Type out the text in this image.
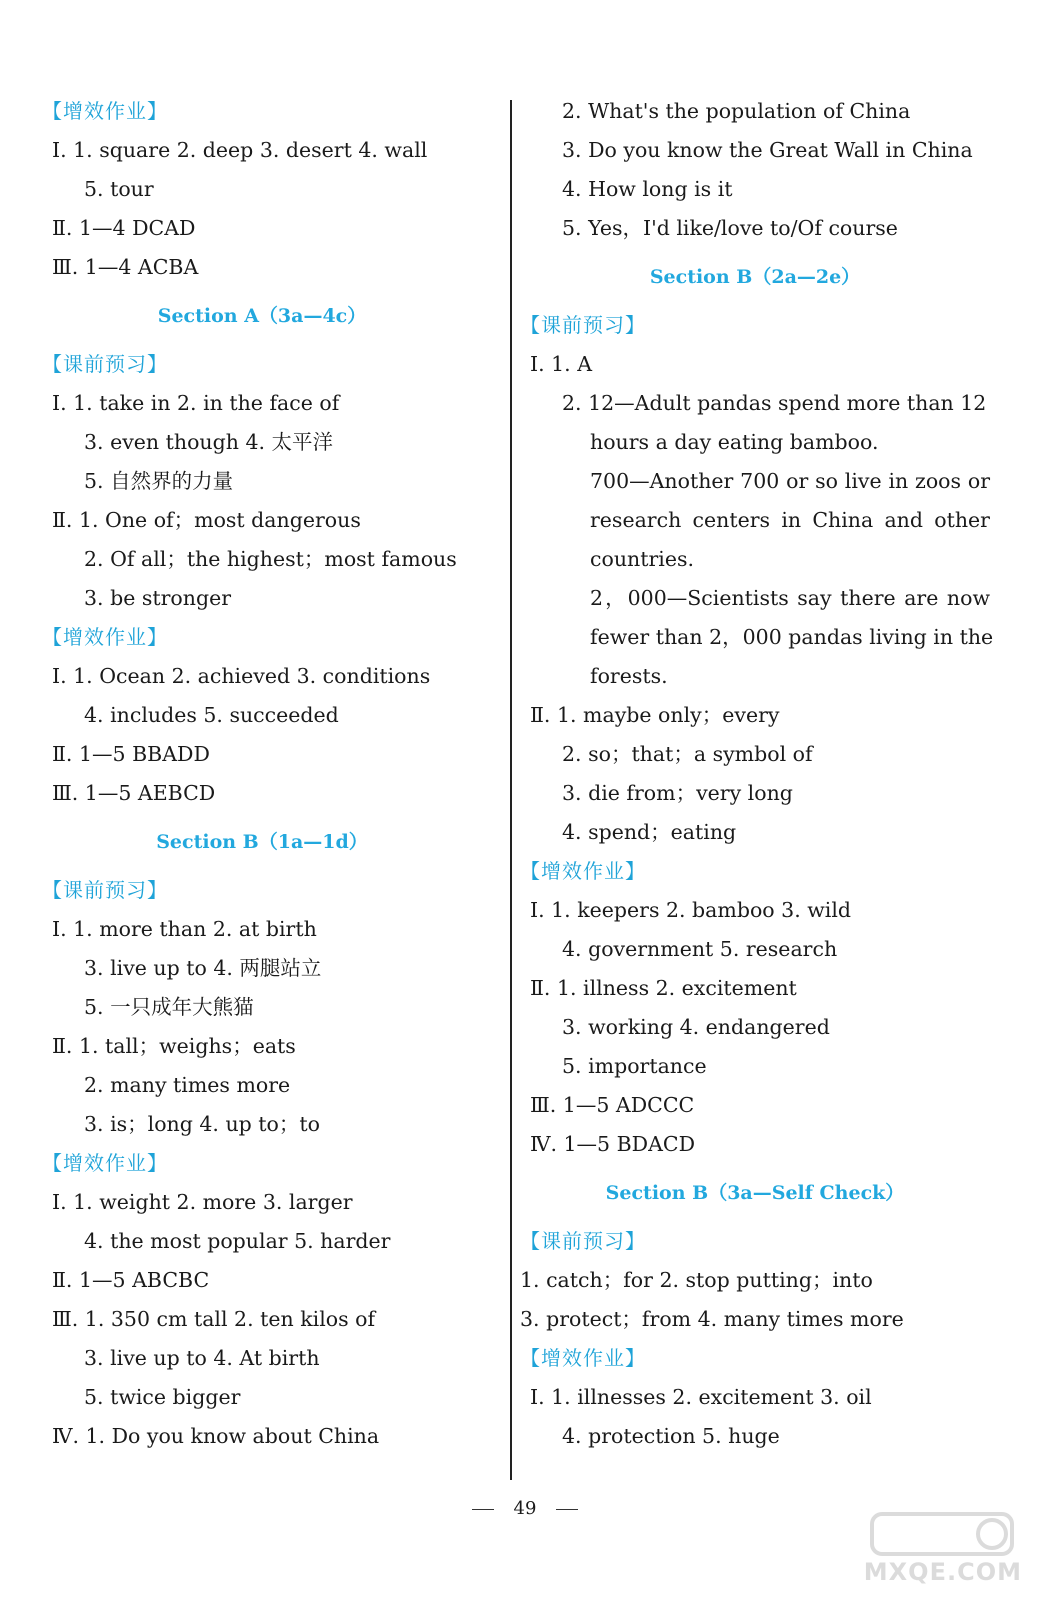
【增效作业】
Ⅰ. 1. square 2. deep 3. desert 4. wall
5. tour
Ⅱ. 1—4 DCAD
Ⅲ. 1—4 ACBA
Section A（3a—4c）
【课前预习】
Ⅰ. 1. take in 2. in the face of
3. even though 4. 太平洋
5. 自然界的力量
Ⅱ. 1. One of；most dangerous
2. Of all；the highest；most famous
3. be stronger
【增效作业】
Ⅰ. 1. Ocean 2. achieved 3. conditions
4. includes 5. succeeded
Ⅱ. 1—5 BBADD
Ⅲ. 1—5 AEBCD
Section B（1a—1d）
【课前预习】
Ⅰ. 1. more than 2. at birth
3. live up to 4. 两腿站立
5. 一只成年大熊猫
Ⅱ. 1. tall；weighs；eats
2. many times more
3. is；long 4. up to；to
【增效作业】
Ⅰ. 1. weight 2. more 3. larger
4. the most popular 5. harder
Ⅱ. 1—5 ABCBC
Ⅲ. 1. 350 cm tall 2. ten kilos of
3. live up to 4. At birth
5. twice bigger
Ⅳ. 1. Do you know about China
2. What's the population of China
3. Do you know the Great Wall in China
4. How long is it
5. Yes，I'd like/love to/Of course
Section B（2a—2e）
【课前预习】
Ⅰ. 1. A
2. 12—Adult pandas spend more than 12
hours a day eating bamboo.
700—Another 700 or so live in zoos or
research centers in China and other
countries.
2，000—Scientists say there are now
fewer than 2，000 pandas living in the
forests.
Ⅱ. 1. maybe only；every
2. so；that；a symbol of
3. die from；very long
4. spend；eating
【增效作业】
Ⅰ. 1. keepers 2. bamboo 3. wild
4. government 5. research
Ⅱ. 1. illness 2. excitement
3. working 4. endangered
5. importance
Ⅲ. 1—5 ADCCC
Ⅳ. 1—5 BDACD
Section B（3a—Self Check）
【课前预习】
1. catch；for 2. stop putting；into
3. protect；from 4. many times more
【增效作业】
Ⅰ. 1. illnesses 2. excitement 3. oil
4. protection 5. huge
49
MXQE.COM
